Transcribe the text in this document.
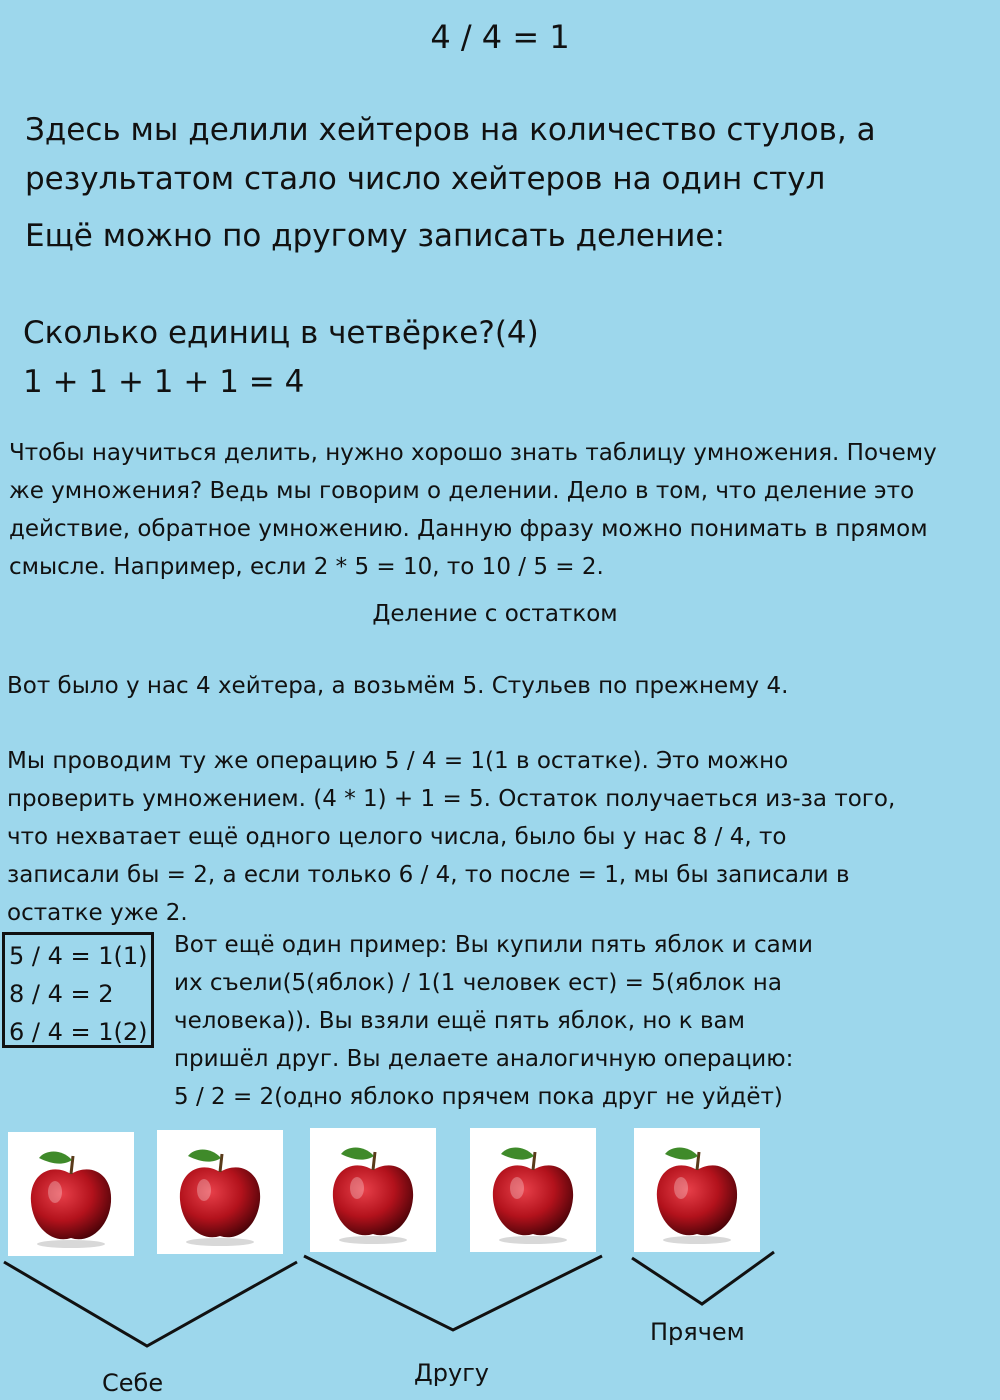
4 / 4 = 1
Здесь мы делили хейтеров на количество стулов, а
результатом стало число хейтеров на один стул
Ещё можно по другому записать деление:
Сколько единиц в четвёрке?(4)
1 + 1 + 1 + 1 = 4
Чтобы научиться делить, нужно хорошо знать таблицу умножения. Почему
же умножения? Ведь мы говорим о делении. Дело в том, что деление это
действие, обратное умножению. Данную фразу можно понимать в прямом
смысле. Например, если 2 * 5 = 10, то 10 / 5 = 2.
Деление с остатком
Вот было у нас 4 хейтера, а возьмём 5. Стульев по прежнему 4.
Мы проводим ту же операцию 5 / 4 = 1(1 в остатке). Это можно
проверить умножением. (4 * 1) + 1 = 5. Остаток получаеться из-за того,
что нехватает ещё одного целого числа, было бы у нас 8 / 4, то
записали бы = 2, а если только 6 / 4, то после = 1, мы бы записали в
остатке уже 2.
5 / 4 = 1(1)
8 / 4 = 2
6 / 4 = 1(2)
Вот ещё один пример: Вы купили пять яблок и сами
их съели(5(яблок) / 1(1 человек ест) = 5(яблок на
человека)). Вы взяли ещё пять яблок, но к вам
пришёл друг. Вы делаете аналогичную операцию:
5 / 2 = 2(одно яблоко прячем пока друг не уйдёт)
Себе	Другу
Прячем
